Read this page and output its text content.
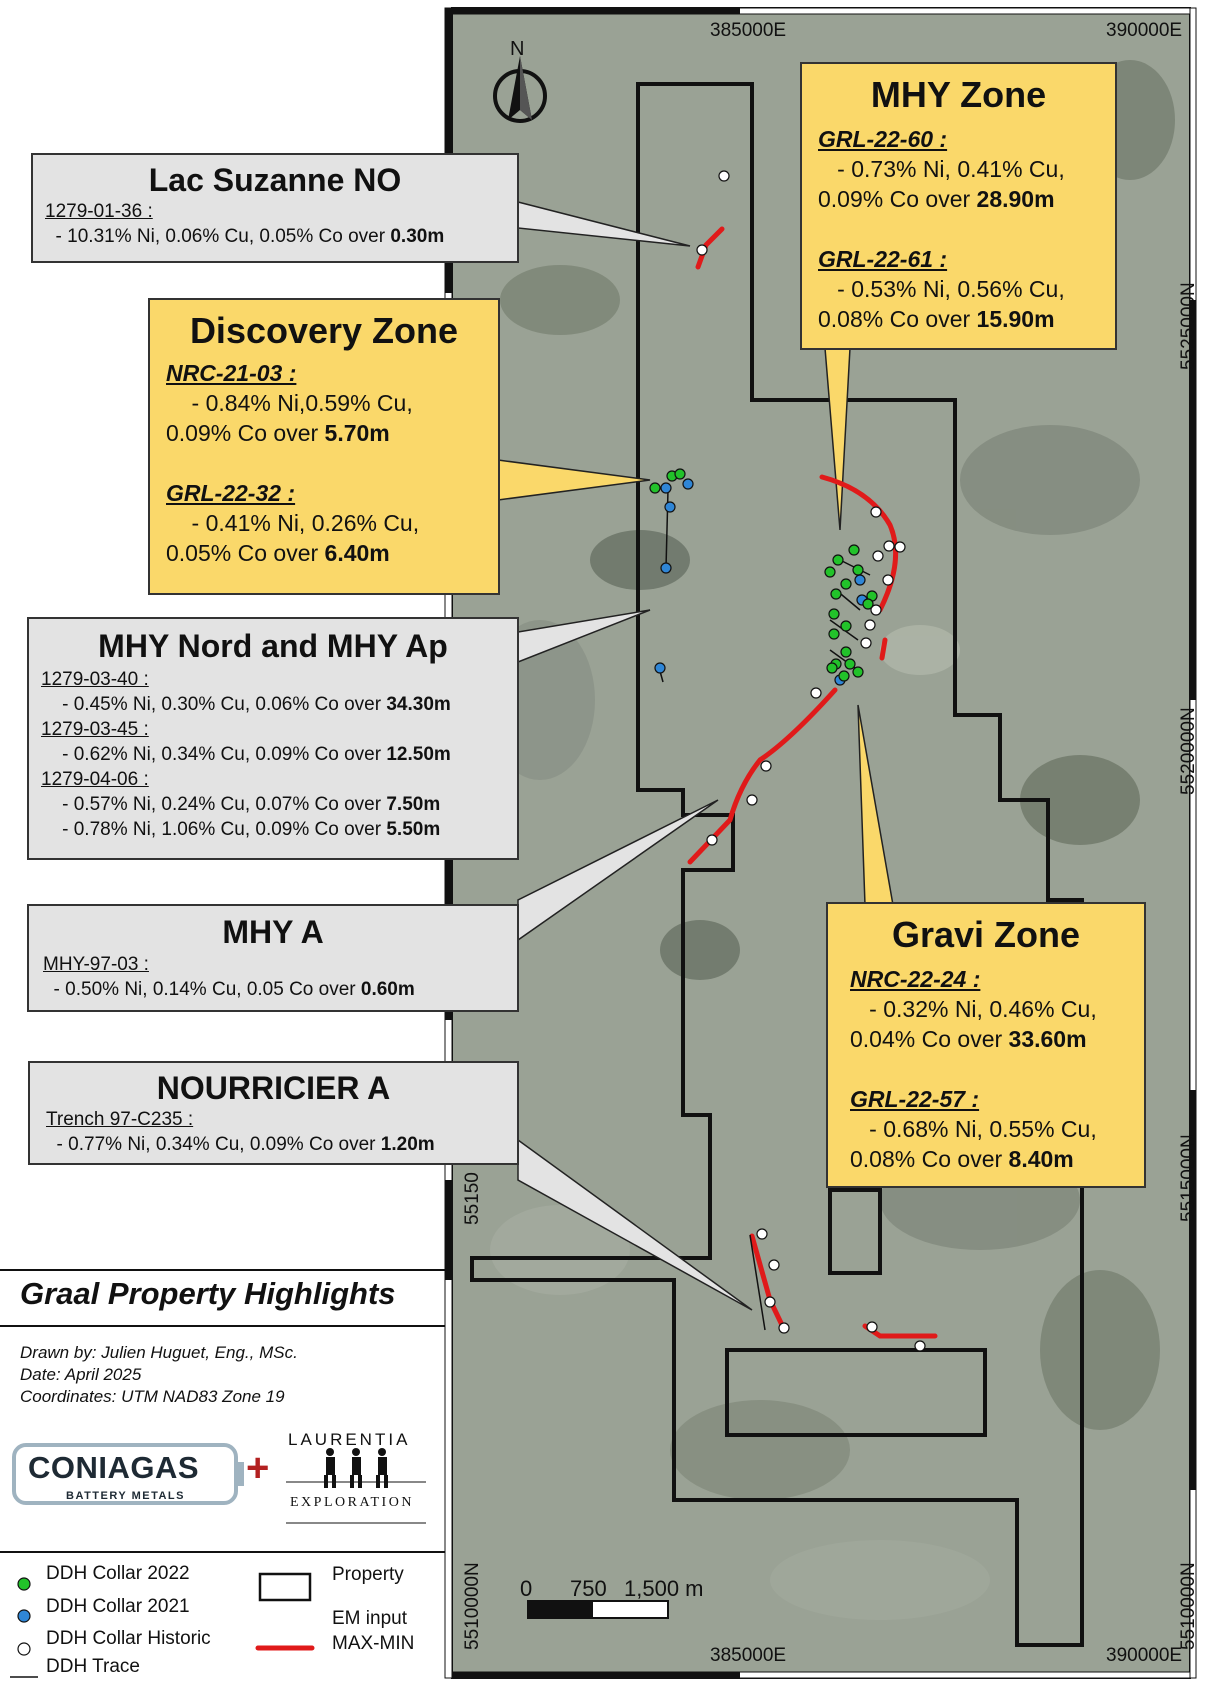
385000E	390000E
385000E	390000E
5525000N
5520000N
5515000N
5510000N
55150
5510000N
N
0 750 1,500 m
Lac Suzanne NO
1279-01-36 :
- 10.31% Ni, 0.06% Cu, 0.05% Co over 0.30m
Discovery Zone
NRC-21-03 :
- 0.84% Ni,0.59% Cu,
0.09% Co over 5.70m
GRL-22-32 :
- 0.41% Ni, 0.26% Cu,
0.05% Co over 6.40m
MHY Nord and MHY Ap
1279-03-40 :
- 0.45% Ni, 0.30% Cu, 0.06% Co over 34.30m
1279-03-45 :
- 0.62% Ni, 0.34% Cu, 0.09% Co over 12.50m
1279-04-06 :
- 0.57% Ni, 0.24% Cu, 0.07% Co over 7.50m
- 0.78% Ni, 1.06% Cu, 0.09% Co over 5.50m
MHY A
MHY-97-03 :
- 0.50% Ni, 0.14% Cu, 0.05 Co over 0.60m
NOURRICIER A
Trench 97-C235 :
- 0.77% Ni, 0.34% Cu, 0.09% Co over 1.20m
MHY Zone
GRL-22-60 :
- 0.73% Ni, 0.41% Cu,
0.09% Co over 28.90m
GRL-22-61 :
- 0.53% Ni, 0.56% Cu,
0.08% Co over 15.90m
Gravi Zone
NRC-22-24 :
- 0.32% Ni, 0.46% Cu,
0.04% Co over 33.60m
GRL-22-57 :
- 0.68% Ni, 0.55% Cu,
0.08% Co over 8.40m
Graal Property Highlights
Drawn by: Julien Huguet, Eng., MSc.
Date: April 2025
Coordinates: UTM NAD83 Zone 19
CONIAGAS
BATTERY METALS
+
LAURENTIA
EXPLORATION
DDH Collar 2022
DDH Collar 2021
DDH Collar Historic
DDH Trace
Property
EM input
MAX-MIN
